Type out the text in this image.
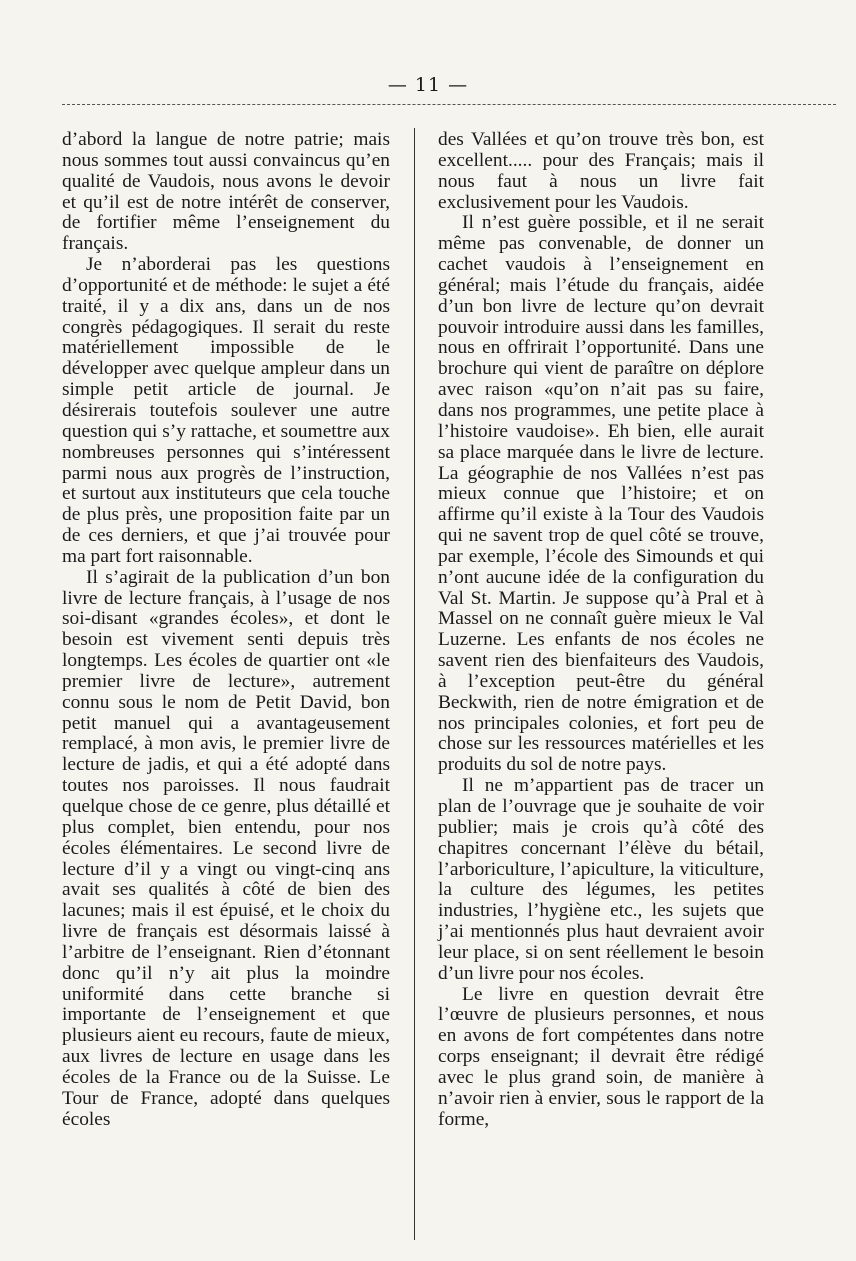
— 11 —

d’abord la langue de notre patrie; mais nous sommes tout aussi convaincus qu’en qualité de Vaudois, nous avons le devoir et qu’il est de notre intérêt de conserver, de fortifier même l’enseignement du français.

Je n’aborderai pas les questions d’opportunité et de méthode: le sujet a été traité, il y a dix ans, dans un de nos congrès pédagogiques. Il serait du reste matériellement impossible de le développer avec quelque ampleur dans un simple petit article de journal. Je désirerais toutefois soulever une autre question qui s’y rattache, et soumettre aux nombreuses personnes qui s’intéressent parmi nous aux progrès de l’instruction, et surtout aux instituteurs que cela touche de plus près, une proposition faite par un de ces derniers, et que j’ai trouvée pour ma part fort raisonnable.

Il s’agirait de la publication d’un bon livre de lecture français, à l’usage de nos soi-disant «grandes écoles», et dont le besoin est vivement senti depuis très longtemps. Les écoles de quartier ont «le premier livre de lecture», autrement connu sous le nom de Petit David, bon petit manuel qui a avantageusement remplacé, à mon avis, le premier livre de lecture de jadis, et qui a été adopté dans toutes nos paroisses. Il nous faudrait quelque chose de ce genre, plus détaillé et plus complet, bien entendu, pour nos écoles élémentaires. Le second livre de lecture d’il y a vingt ou vingt-cinq ans avait ses qualités à côté de bien des lacunes; mais il est épuisé, et le choix du livre de français est désormais laissé à l’arbitre de l’enseignant. Rien d’étonnant donc qu’il n’y ait plus la moindre uniformité dans cette branche si importante de l’enseignement et que plusieurs aient eu recours, faute de mieux, aux livres de lecture en usage dans les écoles de la France ou de la Suisse. Le Tour de France, adopté dans quelques écoles

des Vallées et qu’on trouve très bon, est excellent..... pour des Français; mais il nous faut à nous un livre fait exclusivement pour les Vaudois.

Il n’est guère possible, et il ne serait même pas convenable, de donner un cachet vaudois à l’enseignement en général; mais l’étude du français, aidée d’un bon livre de lecture qu’on devrait pouvoir introduire aussi dans les familles, nous en offrirait l’opportunité. Dans une brochure qui vient de paraître on déplore avec raison «qu’on n’ait pas su faire, dans nos programmes, une petite place à l’histoire vaudoise». Eh bien, elle aurait sa place marquée dans le livre de lecture. La géographie de nos Vallées n’est pas mieux connue que l’histoire; et on affirme qu’il existe à la Tour des Vaudois qui ne savent trop de quel côté se trouve, par exemple, l’école des Simounds et qui n’ont aucune idée de la configuration du Val St. Martin. Je suppose qu’à Pral et à Massel on ne connaît guère mieux le Val Luzerne. Les enfants de nos écoles ne savent rien des bienfaiteurs des Vaudois, à l’exception peut-être du général Beckwith, rien de notre émigration et de nos principales colonies, et fort peu de chose sur les ressources matérielles et les produits du sol de notre pays.

Il ne m’appartient pas de tracer un plan de l’ouvrage que je souhaite de voir publier; mais je crois qu’à côté des chapitres concernant l’élève du bétail, l’arboriculture, l’apiculture, la viticulture, la culture des légumes, les petites industries, l’hygiène etc., les sujets que j’ai mentionnés plus haut devraient avoir leur place, si on sent réellement le besoin d’un livre pour nos écoles.

Le livre en question devrait être l’œuvre de plusieurs personnes, et nous en avons de fort compétentes dans notre corps enseignant; il devrait être rédigé avec le plus grand soin, de manière à n’avoir rien à envier, sous le rapport de la forme,
